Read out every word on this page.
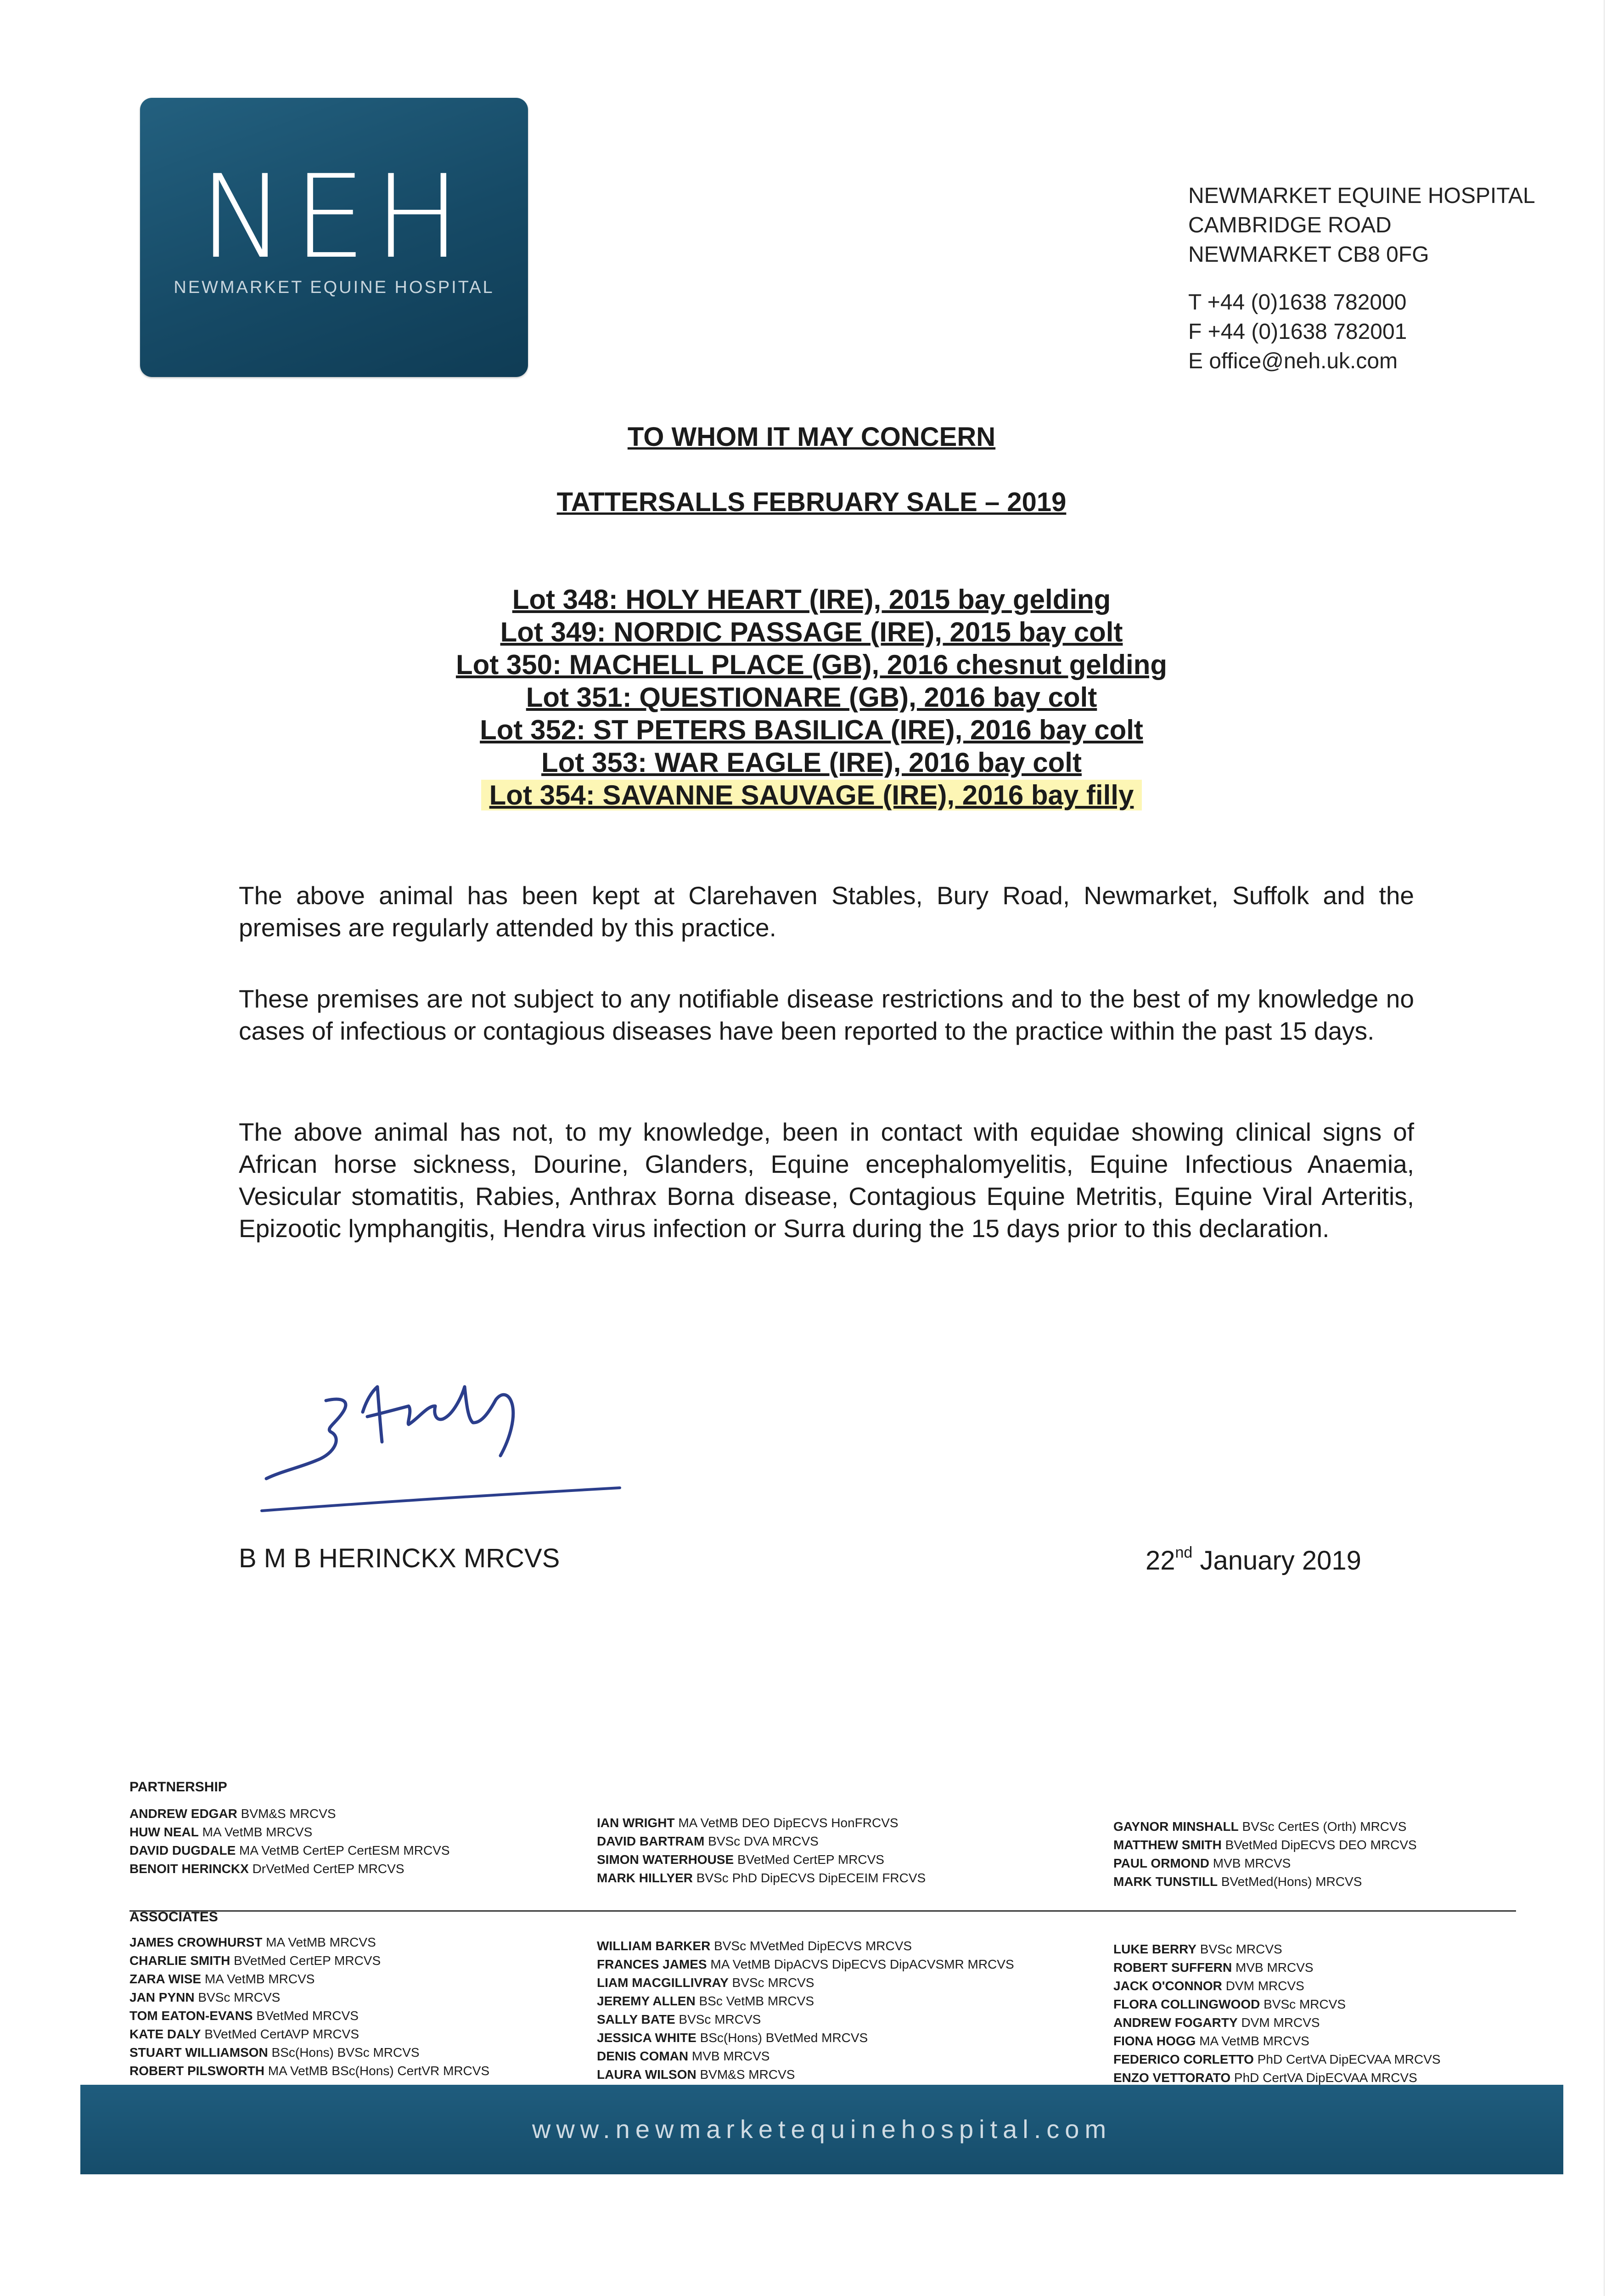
NEH
NEWMARKET EQUINE HOSPITAL
NEWMARKET EQUINE HOSPITAL
CAMBRIDGE ROAD
NEWMARKET CB8 0FG
T +44 (0)1638 782000
F +44 (0)1638 782001
E office@neh.uk.com
TO WHOM IT MAY CONCERN
TATTERSALLS FEBRUARY SALE – 2019
Lot 348: HOLY HEART (IRE), 2015 bay gelding
Lot 349: NORDIC PASSAGE (IRE), 2015 bay colt
Lot 350: MACHELL PLACE (GB), 2016 chesnut gelding
Lot 351: QUESTIONARE (GB), 2016 bay colt
Lot 352: ST PETERS BASILICA (IRE), 2016 bay colt
Lot 353: WAR EAGLE (IRE), 2016 bay colt
Lot 354: SAVANNE SAUVAGE (IRE), 2016 bay filly
The above animal has been kept at Clarehaven Stables, Bury Road, Newmarket, Suffolk and the premises are regularly attended by this practice.
These premises are not subject to any notifiable disease restrictions and to the best of my knowledge no cases of infectious or contagious diseases have been reported to the practice within the past 15 days.
The above animal has not, to my knowledge, been in contact with equidae showing clinical signs of African horse sickness, Dourine, Glanders, Equine encephalomyelitis, Equine Infectious Anaemia, Vesicular stomatitis, Rabies, Anthrax Borna disease, Contagious Equine Metritis, Equine Viral Arteritis, Epizootic lymphangitis, Hendra virus infection or Surra during the 15 days prior to this declaration.
B M B HERINCKX MRCVS	22nd January 2019
PARTNERSHIP
ANDREW EDGAR BVM&S MRCVS
HUW NEAL MA VetMB MRCVS
DAVID DUGDALE MA VetMB CertEP CertESM MRCVS
BENOIT HERINCKX DrVetMed CertEP MRCVS
IAN WRIGHT MA VetMB DEO DipECVS HonFRCVS
DAVID BARTRAM BVSc DVA MRCVS
SIMON WATERHOUSE BVetMed CertEP MRCVS
MARK HILLYER BVSc PhD DipECVS DipECEIM FRCVS
GAYNOR MINSHALL BVSc CertES (Orth) MRCVS
MATTHEW SMITH BVetMed DipECVS DEO MRCVS
PAUL ORMOND MVB MRCVS
MARK TUNSTILL BVetMed(Hons) MRCVS
ASSOCIATES
JAMES CROWHURST MA VetMB MRCVS
CHARLIE SMITH BVetMed CertEP MRCVS
ZARA WISE MA VetMB MRCVS
JAN PYNN BVSc MRCVS
TOM EATON-EVANS BVetMed MRCVS
KATE DALY BVetMed CertAVP MRCVS
STUART WILLIAMSON BSc(Hons) BVSc MRCVS
ROBERT PILSWORTH MA VetMB BSc(Hons) CertVR MRCVS
WILLIAM BARKER BVSc MVetMed DipECVS MRCVS
FRANCES JAMES MA VetMB DipACVS DipECVS DipACVSMR MRCVS
LIAM MACGILLIVRAY BVSc MRCVS
JEREMY ALLEN BSc VetMB MRCVS
SALLY BATE BVSc MRCVS
JESSICA WHITE BSc(Hons) BVetMed MRCVS
DENIS COMAN MVB MRCVS
LAURA WILSON BVM&S MRCVS
LUKE BERRY BVSc MRCVS
ROBERT SUFFERN MVB MRCVS
JACK O'CONNOR DVM MRCVS
FLORA COLLINGWOOD BVSc MRCVS
ANDREW FOGARTY DVM MRCVS
FIONA HOGG MA VetMB MRCVS
FEDERICO CORLETTO PhD CertVA DipECVAA MRCVS
ENZO VETTORATO PhD CertVA DipECVAA MRCVS
www.newmarketequinehospital.com
